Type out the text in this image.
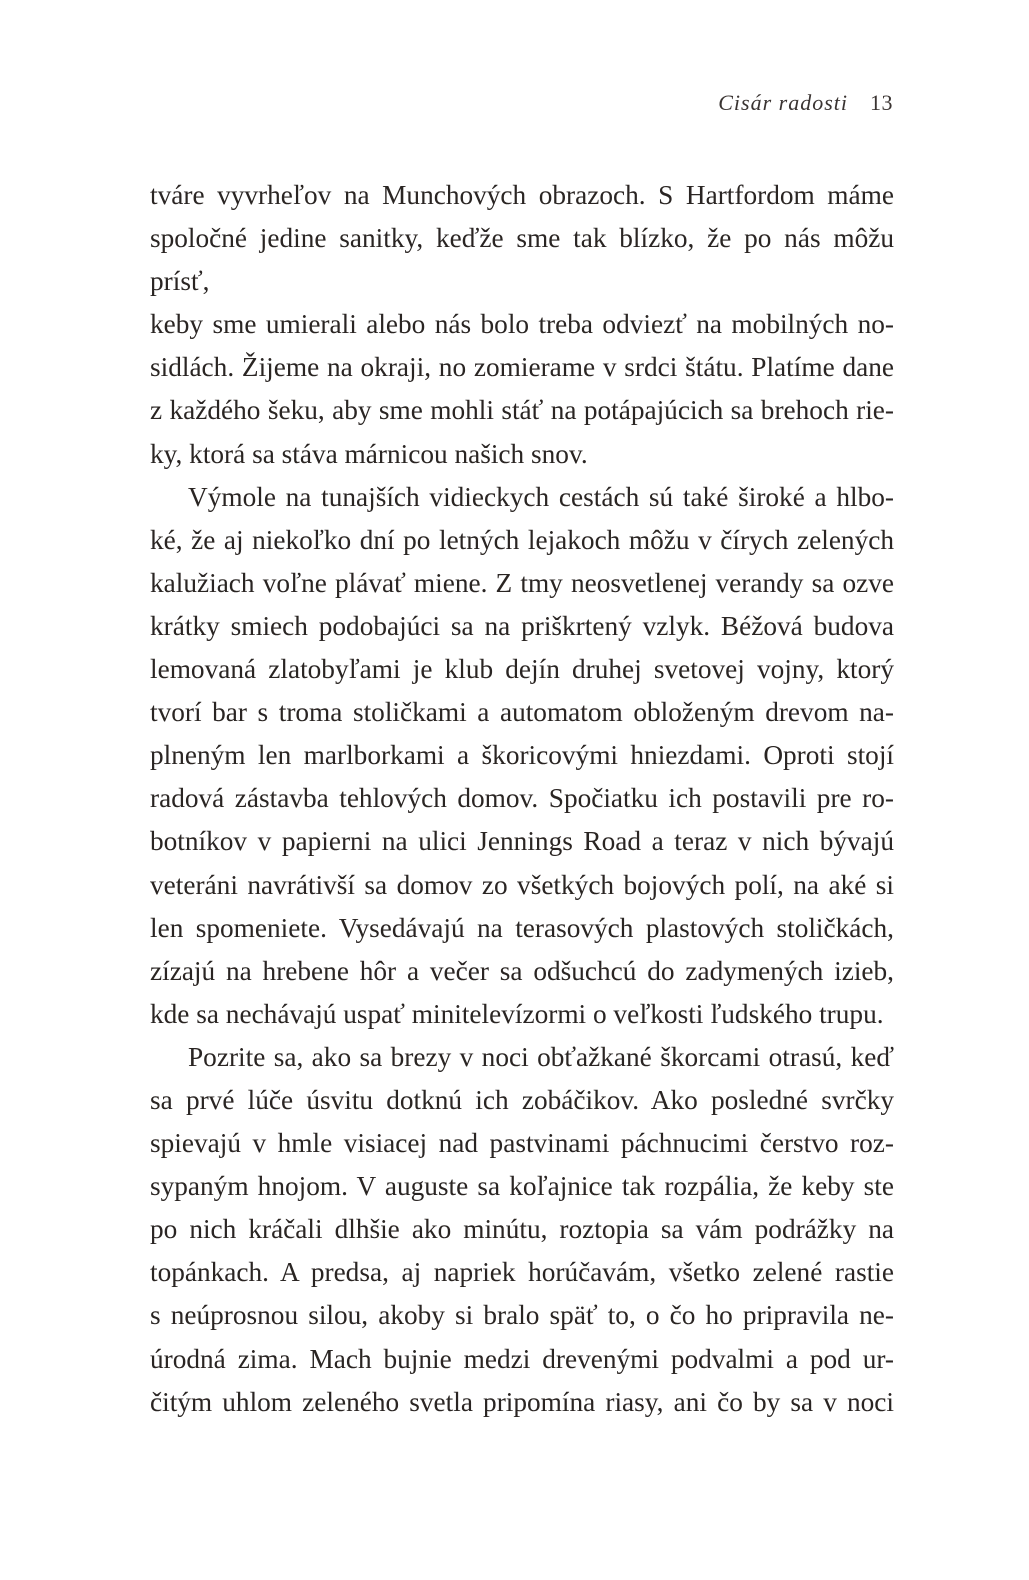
Cisár radosti 13

tváre vyvrheľov na Munchových obrazoch. S Hartfordom máme

spoločné jedine sanitky, keďže sme tak blízko, že po nás môžu prísť,

keby sme umierali alebo nás bolo treba odviezť na mobilných no-

sidlách. Žijeme na okraji, no zomierame v srdci štátu. Platíme dane

z každého šeku, aby sme mohli stáť na potápajúcich sa brehoch rie-

ky, ktorá sa stáva márnicou našich snov.

Výmole na tunajších vidieckych cestách sú také široké a hlbo-

ké, že aj niekoľko dní po letných lejakoch môžu v čírych zelených

kalužiach voľne plávať miene. Z tmy neosvetlenej verandy sa ozve

krátky smiech podobajúci sa na priškrtený vzlyk. Béžová budova

lemovaná zlatobyľami je klub dejín druhej svetovej vojny, ktorý

tvorí bar s troma stoličkami a automatom obloženým drevom na-

plneným len marlborkami a škoricovými hniezdami. Oproti stojí

radová zástavba tehlových domov. Spočiatku ich postavili pre ro-

botníkov v papierni na ulici Jennings Road a teraz v nich bývajú

veteráni navrátivší sa domov zo všetkých bojových polí, na aké si

len spomeniete. Vysedávajú na terasových plastových stoličkách,

zízajú na hrebene hôr a večer sa odšuchcú do zadymených izieb,

kde sa nechávajú uspať minitelevízormi o veľkosti ľudského trupu.

Pozrite sa, ako sa brezy v noci obťažkané škorcami otrasú, keď

sa prvé lúče úsvitu dotknú ich zobáčikov. Ako posledné svrčky

spievajú v hmle visiacej nad pastvinami páchnucimi čerstvo roz-

sypaným hnojom. V auguste sa koľajnice tak rozpália, že keby ste

po nich kráčali dlhšie ako minútu, roztopia sa vám podrážky na

topánkach. A predsa, aj napriek horúčavám, všetko zelené rastie

s neúprosnou silou, akoby si bralo späť to, o čo ho pripravila ne-

úrodná zima. Mach bujnie medzi drevenými podvalmi a pod ur-

čitým uhlom zeleného svetla pripomína riasy, ani čo by sa v noci
